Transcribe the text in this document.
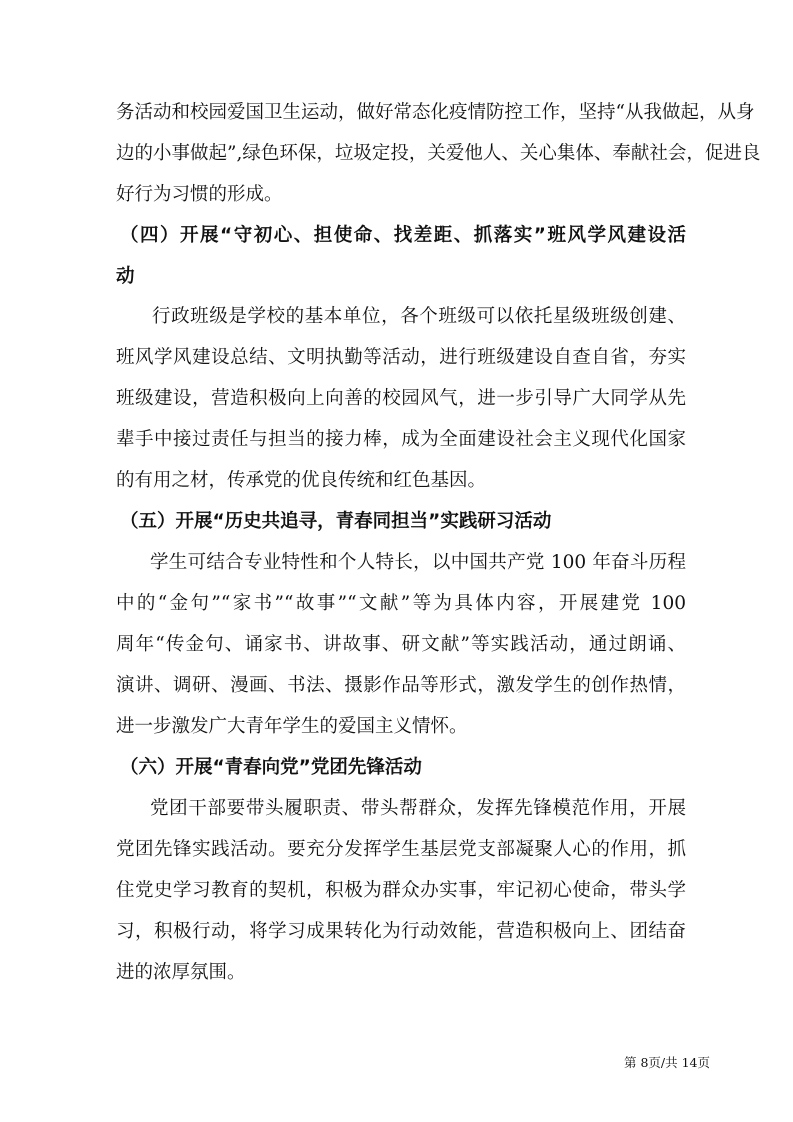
务活动和校园爱国卫生运动，做好常态化疫情防控工作，坚持“从我做起，从身
边的小事做起”,绿色环保，垃圾定投，关爱他人、关心集体、奉献社会，促进良
好行为习惯的形成。
（四）开展“守初心、担使命、找差距、抓落实”班风学风建设活
动
行政班级是学校的基本单位，各个班级可以依托星级班级创建、
班风学风建设总结、文明执勤等活动，进行班级建设自查自省，夯实
班级建设，营造积极向上向善的校园风气，进一步引导广大同学从先
辈手中接过责任与担当的接力棒，成为全面建设社会主义现代化国家
的有用之材，传承党的优良传统和红色基因。
（五）开展“历史共追寻，青春同担当”实践研习活动
学生可结合专业特性和个人特长，以中国共产党 100 年奋斗历程
中的“金句”“家书”“故事”“文献”等为具体内容，开展建党 100
周年“传金句、诵家书、讲故事、研文献”等实践活动，通过朗诵、
演讲、调研、漫画、书法、摄影作品等形式，激发学生的创作热情，
进一步激发广大青年学生的爱国主义情怀。
（六）开展“青春向党”党团先锋活动
党团干部要带头履职责、带头帮群众，发挥先锋模范作用，开展
党团先锋实践活动。要充分发挥学生基层党支部凝聚人心的作用，抓
住党史学习教育的契机，积极为群众办实事，牢记初心使命，带头学
习，积极行动，将学习成果转化为行动效能，营造积极向上、团结奋
进的浓厚氛围。
第 8页/共 14页
